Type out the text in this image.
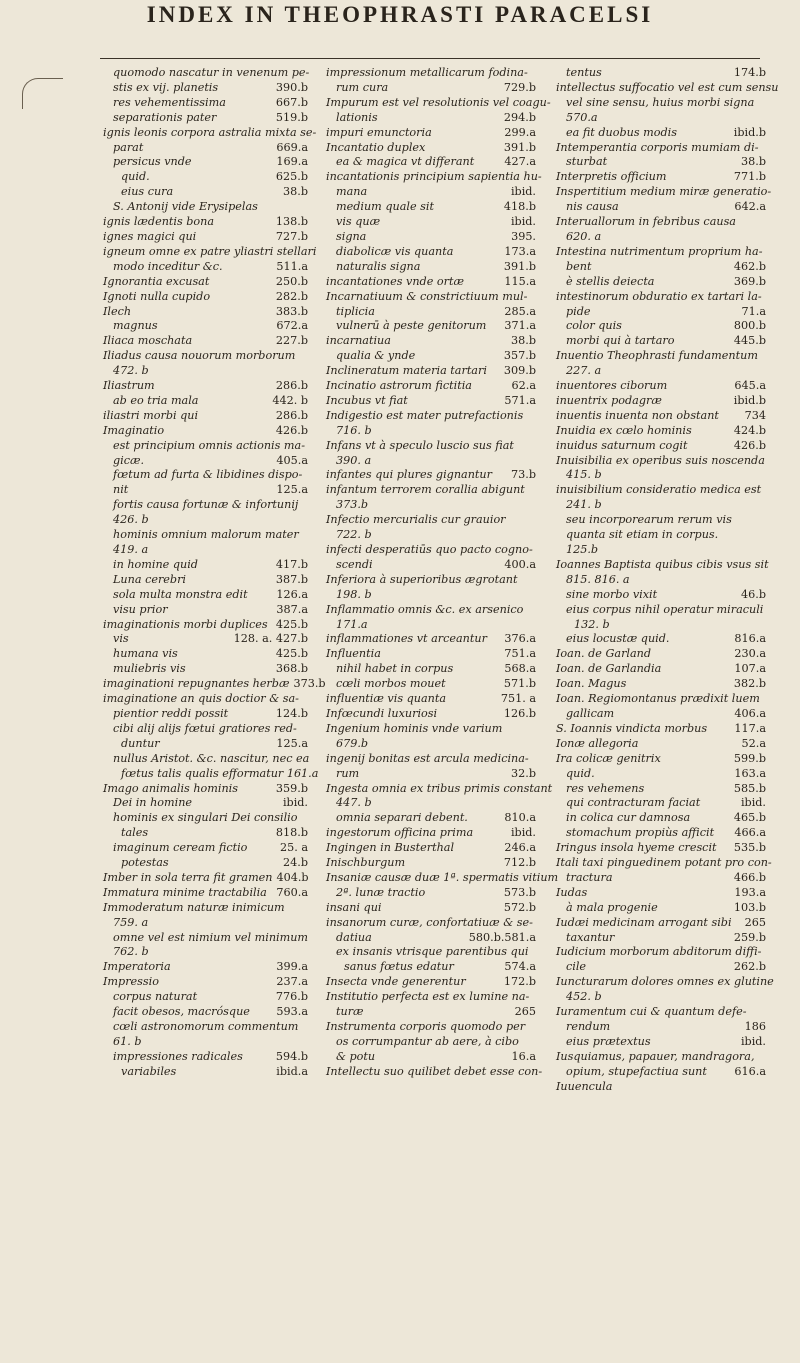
INDEX IN THEOPHRASTI PARACELSI
quomodo nascatur in venenum pe-
stis ex vij. planetis	390.b
res vehementissima	667.b
separationis pater	519.b
ignis leonis corpora astralia mixta se-
parat	669.a
persicus vnde	169.a
quid.	625.b
eius cura	38.b
S. Antonij vide Erysipelas
ignis lædentis bona	138.b
ignes magici qui	727.b
igneum omne ex patre yliastri stellari
modo inceditur &c.	511.a
Ignorantia excusat	250.b
Ignoti nulla cupido	282.b
Ilech	383.b
magnus	672.a
Iliaca moschata	227.b
Iliadus causa nouorum morborum
472. b
Iliastrum	286.b
ab eo tria mala	442. b
iliastri morbi qui	286.b
Imaginatio	426.b
est principium omnis actionis ma-
gicæ.	405.a
fœtum ad furta & libidines dispo-
nit	125.a
fortis causa fortunæ & infortunij
426. b
hominis omnium malorum mater
419. a
in homine quid	417.b
Luna cerebri	387.b
sola multa monstra edit	126.a
visu prior	387.a
imaginationis morbi duplices 425.b
vis	128. a. 427.b
humana vis	425.b
muliebris vis	368.b
imaginationi repugnantes herbæ 373.b
imaginatione an quis doctior & sa-
pientior reddi possit	124.b
cibi alij alijs fœtui gratiores red-
duntur	125.a
nullus Aristot. &c. nascitur, nec ea
fœtus talis qualis efformatur 161.a
Imago animalis hominis	359.b
Dei in homine	ibid.
hominis ex singulari Dei consilio
tales	818.b
imaginum ceream fictio	25. a
potestas	24.b
Imber in sola terra fit gramen 404.b
Immatura minime tractabilia 760.a
Immoderatum naturæ inimicum
759. a
omne vel est nimium vel minimum
762. b
Imperatoria	399.a
Impressio	237.a
corpus naturat	776.b
facit obesos, macrósque	593.a
cœli astronomorum commentum
61. b
impressiones radicales	594.b
variabiles	ibid.a
impressionum metallicarum fodina-
rum cura	729.b
Impurum est vel resolutionis vel coagu-
lationis	294.b
impuri emunctoria	299.a
Incantatio duplex	391.b
ea & magica vt differant	427.a
incantationis principium sapientia hu-
mana	ibid.
medium quale sit	418.b
vis quæ	ibid.
signa	395.
diabolicæ vis quanta	173.a
naturalis signa	391.b
incantationes vnde ortæ	115.a
Incarnatiuum & constrictiuum mul-
tiplicia	285.a
vulnerū à peste genitorum	371.a
incarnatiua	38.b
qualia & ynde	357.b
Inclineratum materia tartari	309.b
Incinatio astrorum fictitia	62.a
Incubus vt fiat	571.a
Indigestio est mater putrefactionis
716. b
Infans vt à speculo luscio sus fiat
390. a
infantes qui plures gignantur	73.b
infantum terrorem corallia abigunt
373.b
Infectio mercurialis cur grauior
722. b
infecti desperatiūs quo pacto cogno-
scendi	400.a
Inferiora à superioribus ægrotant
198. b
Inflammatio omnis &c. ex arsenico
171.a
inflammationes vt arceantur	376.a
Influentia	751.a
nihil habet in corpus	568.a
cœli morbos mouet	571.b
influentiæ vis quanta	751. a
Infœcundi luxuriosi	126.b
Ingenium hominis vnde varium
679.b
ingenij bonitas est arcula medicina-
rum	32.b
Ingesta omnia ex tribus primis constant
447. b
omnia separari debent.	810.a
ingestorum officina prima	ibid.
Ingingen in Busterthal	246.a
Inischburgum	712.b
Insaniæ causæ duæ 1ª. spermatis vitium
2ª. lunæ tractio	573.b
insani qui	572.b
insanorum curæ, confortatiuæ & se-
datiua	580.b.581.a
ex insanis vtrisque parentibus qui
sanus fœtus edatur	574.a
Insecta vnde generentur	172.b
Institutio perfecta est ex lumine na-
turæ	265
Instrumenta corporis quomodo per
os corrumpantur ab aere, à cibo
& potu	16.a
Intellectu suo quilibet debet esse con-
tentus	174.b
intellectus suffocatio vel est cum sensu
vel sine sensu, huius morbi signa
570.a
ea fit duobus modis	ibid.b
Intemperantia corporis mumiam di-
sturbat	38.b
Interpretis officium	771.b
Inspertitium medium miræ generatio-
nis causa	642.a
Interuallorum in febribus causa
620. a
Intestina nutrimentum proprium ha-
bent	462.b
è stellis deiecta	369.b
intestinorum obduratio ex tartari la-
pide	71.a
color quis	800.b
morbi qui à tartaro	445.b
Inuentio Theophrasti fundamentum
227. a
inuentores ciborum	645.a
inuentrix podagræ	ibid.b
inuentis inuenta non obstant	734
Inuidia ex cœlo hominis	424.b
inuidus saturnum cogit	426.b
Inuisibilia ex operibus suis noscenda
415. b
inuisibilium consideratio medica est
241. b
seu incorporearum rerum vis
quanta sit etiam in corpus.
125.b
Ioannes Baptista quibus cibis vsus sit
815. 816. a
sine morbo vixit	46.b
eius corpus nihil operatur miraculi
132. b
eius locustæ quid.	816.a
Ioan. de Garland	230.a
Ioan. de Garlandia	107.a
Ioan. Magus	382.b
Ioan. Regiomontanus prædixit luem
gallicam	406.a
S. Ioannis vindicta morbus	117.a
Ionæ allegoria	52.a
Ira colicæ genitrix	599.b
quid.	163.a
res vehemens	585.b
qui contracturam faciat	ibid.
in colica cur damnosa	465.b
stomachum propiùs afficit	466.a
Iringus insola hyeme crescit	535.b
Itali taxi pinguedinem potant pro con-
tractura	466.b
Iudas	193.a
à mala progenie	103.b
Iudæi medicinam arrogant sibi	265
taxantur	259.b
Iudicium morborum abditorum diffi-
cile	262.b
Iuncturarum dolores omnes ex glutine
452. b
Iuramentum cui & quantum defe-
rendum	186
eius prætextus	ibid.
Iusquiamus, papauer, mandragora,
opium, stupefactiua sunt	616.a
Iuuencula
